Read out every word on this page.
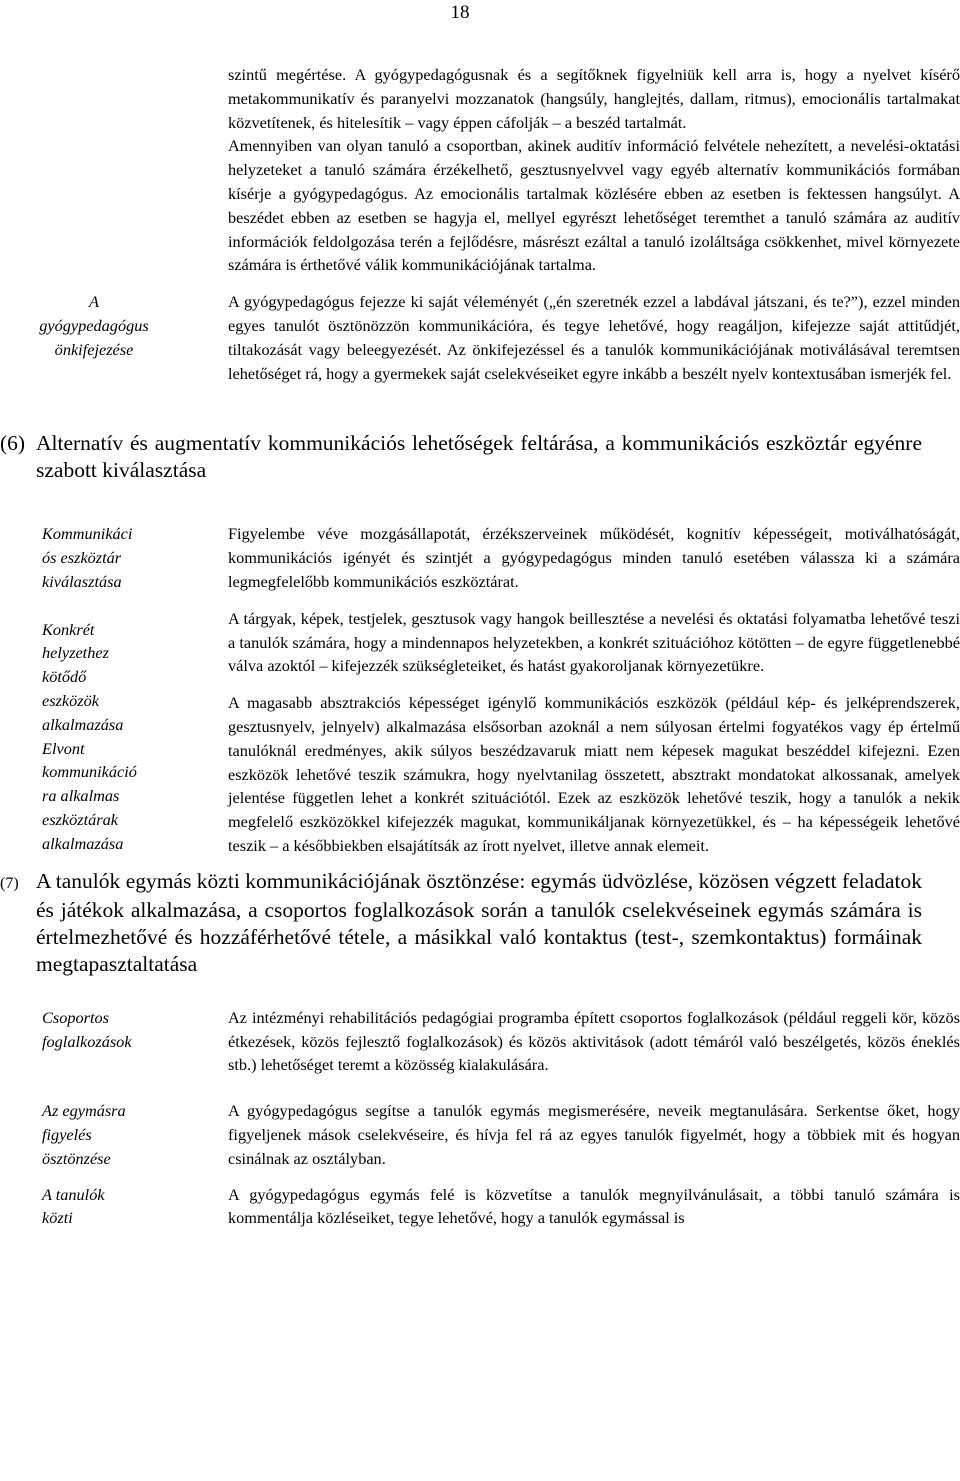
18

szintű megértése. A gyógypedagógusnak és a segítőknek figyelniük kell arra is, hogy a nyelvet kísérő metakommunikatív és paranyelvi mozzanatok (hangsúly, hanglejtés, dallam, ritmus), emocionális tartalmakat közvetítenek, és hitelesítik – vagy éppen cáfolják – a beszéd tartalmát.

Amennyiben van olyan tanuló a csoportban, akinek auditív információ felvétele nehezített, a nevelési-oktatási helyzeteket a tanuló számára érzékelhető, gesztusnyelvvel vagy egyéb alternatív kommunikációs formában kísérje a gyógypedagógus. Az emocionális tartalmak közlésére ebben az esetben is fektessen hangsúlyt. A beszédet ebben az esetben se hagyja el, mellyel egyrészt lehetőséget teremthet a tanuló számára az auditív információk feldolgozása terén a fejlődésre, másrészt ezáltal a tanuló izoláltsága csökkenhet, mivel környezete számára is érthetővé válik kommunikációjának tartalma.

A
gyógypedagógus
önkifejezése

A gyógypedagógus fejezze ki saját véleményét („én szeretnék ezzel a labdával játszani, és te?”), ezzel minden egyes tanulót ösztönözzön kommunikációra, és tegye lehetővé, hogy reagáljon, kifejezze saját attitűdjét, tiltakozását vagy beleegyezését. Az önkifejezéssel és a tanulók kommunikációjának motiválásával teremtsen lehetőséget rá, hogy a gyermekek saját cselekvéseiket egyre inkább a beszélt nyelv kontextusában ismerjék fel.

(6) Alternatív és augmentatív kommunikációs lehetőségek feltárása, a kommunikációs eszköztár egyénre szabott kiválasztása

Kommunikáci
ós eszköztár
kiválasztása
Konkrét
helyzethez
kötődő
eszközök
alkalmazása
Elvont
kommunikáció
ra alkalmas
eszköztárak
alkalmazása

Figyelembe véve mozgásállapotát, érzékszerveinek működését, kognitív képességeit, motiválhatóságát, kommunikációs igényét és szintjét a gyógypedagógus minden tanuló esetében válassza ki a számára legmegfelelőbb kommunikációs eszköztárat.

A tárgyak, képek, testjelek, gesztusok vagy hangok beillesztése a nevelési és oktatási folyamatba lehetővé teszi a tanulók számára, hogy a mindennapos helyzetekben, a konkrét szituációhoz kötötten – de egyre függetlenebbé válva azoktól – kifejezzék szükségleteiket, és hatást gyakoroljanak környezetükre.

A magasabb absztrakciós képességet igénylő kommunikációs eszközök (például kép- és jelképrendszerek, gesztusnyelv, jelnyelv) alkalmazása elsősorban azoknál a nem súlyosan értelmi fogyatékos vagy ép értelmű tanulóknál eredményes, akik súlyos beszédzavaruk miatt nem képesek magukat beszéddel kifejezni. Ezen eszközök lehetővé teszik számukra, hogy nyelvtanilag összetett, absztrakt mondatokat alkossanak, amelyek jelentése független lehet a konkrét szituációtól. Ezek az eszközök lehetővé teszik, hogy a tanulók a nekik megfelelő eszközökkel kifejezzék magukat, kommunikáljanak környezetükkel, és – ha képességeik lehetővé teszik – a későbbiekben elsajátítsák az írott nyelvet, illetve annak elemeit.

(7) A tanulók egymás közti kommunikációjának ösztönzése: egymás üdvözlése, közösen végzett feladatok és játékok alkalmazása, a csoportos foglalkozások során a tanulók cselekvéseinek egymás számára is értelmezhetővé és hozzáférhetővé tétele, a másikkal való kontaktus (test-, szemkontaktus) formáinak megtapasztaltatása

Csoportos
foglalkozások

Az intézményi rehabilitációs pedagógiai programba épített csoportos foglalkozások (például reggeli kör, közös étkezések, közös fejlesztő foglalkozások) és közös aktivitások (adott témáról való beszélgetés, közös éneklés stb.) lehetőséget teremt a közösség kialakulására.

Az egymásra
figyelés
ösztönzése

A gyógypedagógus segítse a tanulók egymás megismerésére, neveik megtanulására. Serkentse őket, hogy figyeljenek mások cselekvéseire, és hívja fel rá az egyes tanulók figyelmét, hogy a többiek mit és hogyan csinálnak az osztályban.

A tanulók
közti

A gyógypedagógus egymás felé is közvetítse a tanulók megnyilvánulásait, a többi tanuló számára is kommentálja közléseiket, tegye lehetővé, hogy a tanulók egymással is
